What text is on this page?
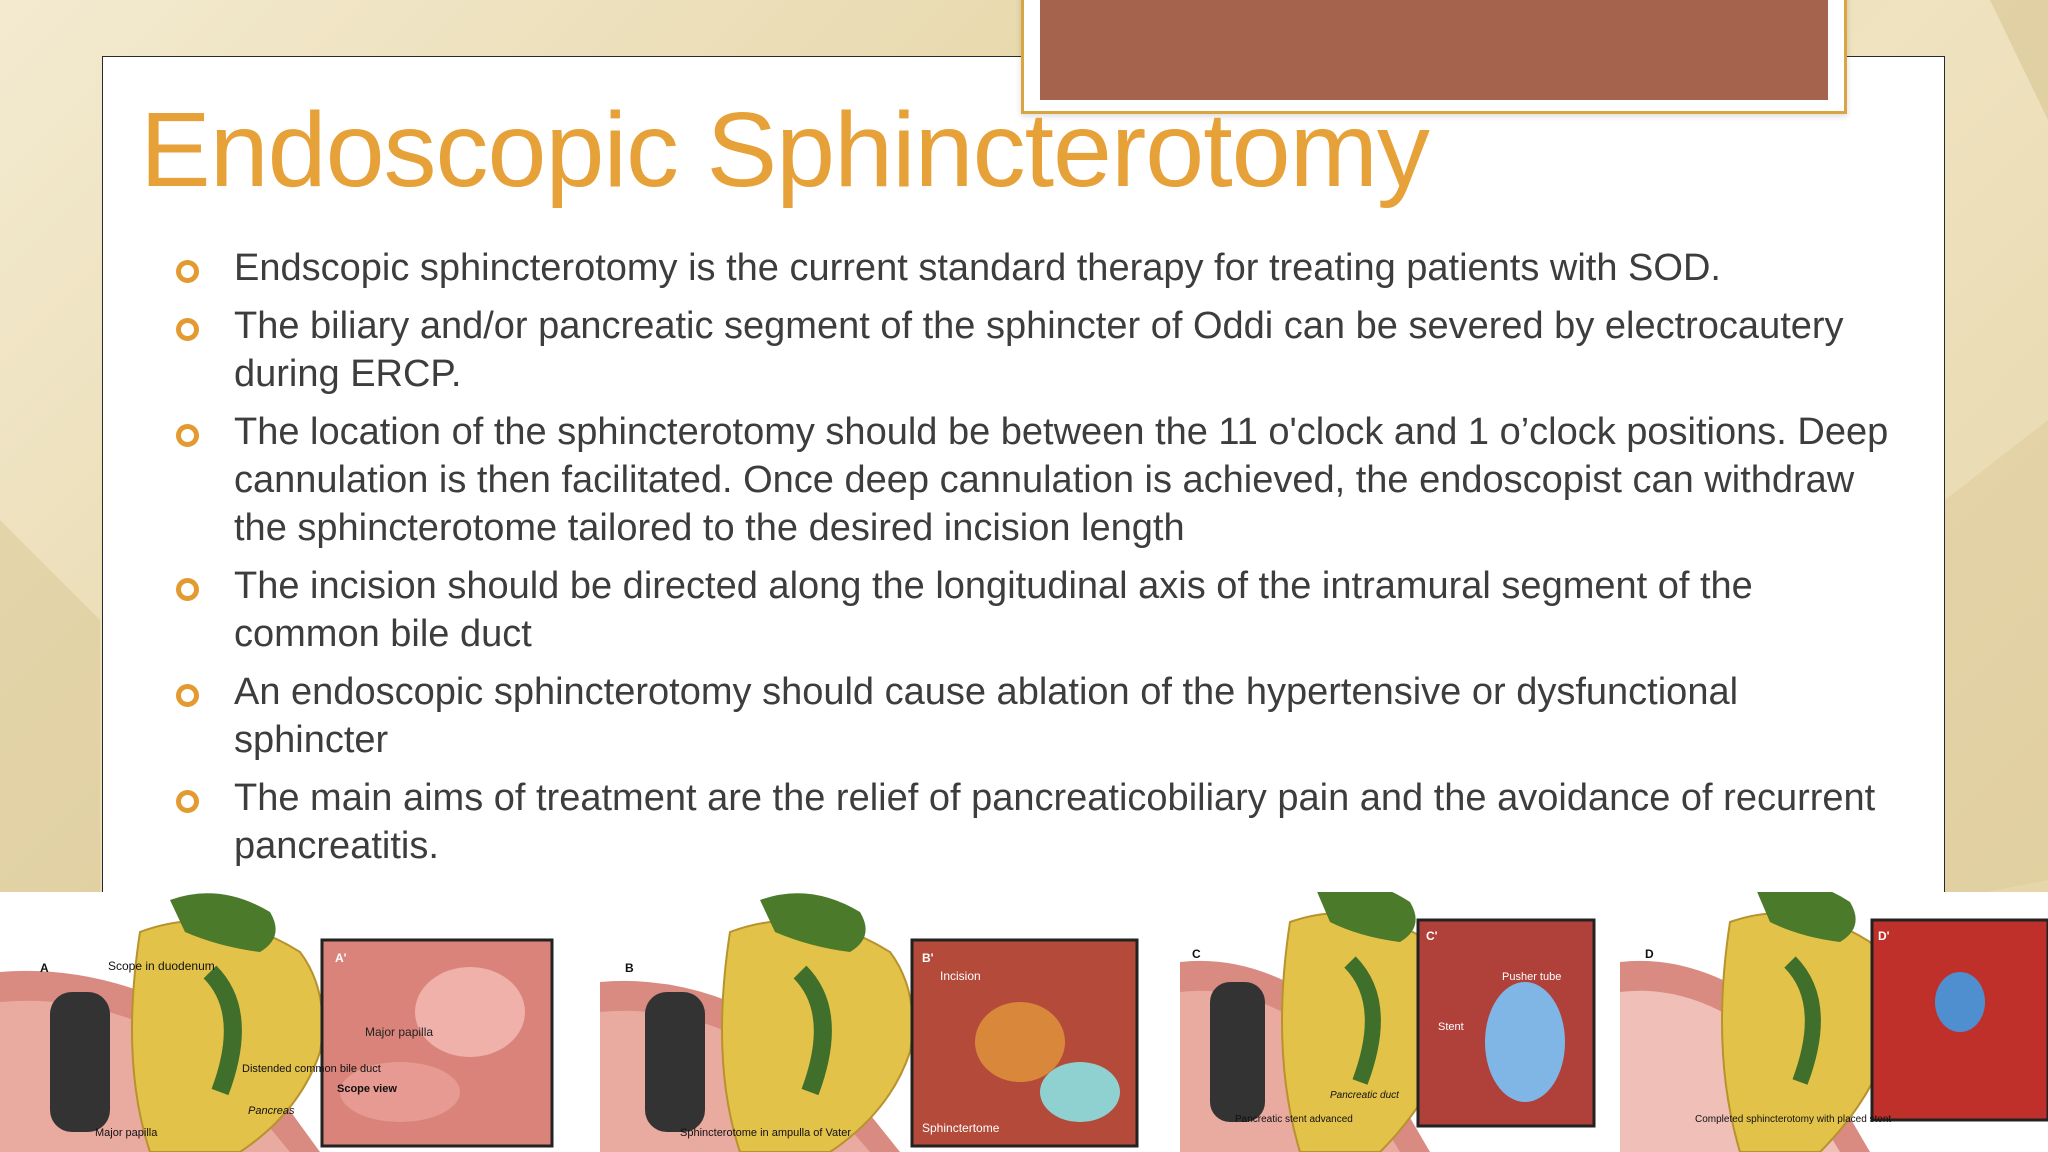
Endoscopic Sphincterotomy
Endscopic sphincterotomy is the current standard therapy for treating patients with SOD.
The biliary and/or pancreatic segment of the sphincter of Oddi can be severed by electrocautery
during ERCP.
The location of the sphincterotomy should be between the 11 o'clock and 1 o’clock positions. Deep
cannulation is then facilitated. Once deep cannulation is achieved, the endoscopist can withdraw
the sphincterotome tailored to the desired incision length
The incision should be directed along the longitudinal axis of the intramural segment of the
common bile duct
An endoscopic sphincterotomy should cause ablation of the hypertensive or dysfunctional
sphincter
The main aims of treatment are the relief of pancreaticobiliary pain and the avoidance of recurrent
pancreatitis.
A
A'
Scope in duodenum
Major papilla
Distended common bile duct
Pancreas
Major papilla
Scope view
B
B'
Incision
Sphinctertome
Sphincterotome in ampulla of Vater
C
C'
Pusher tube
Stent
Pancreatic duct
Pancreatic stent advanced
D
D'
Completed sphincterotomy with placed stent
